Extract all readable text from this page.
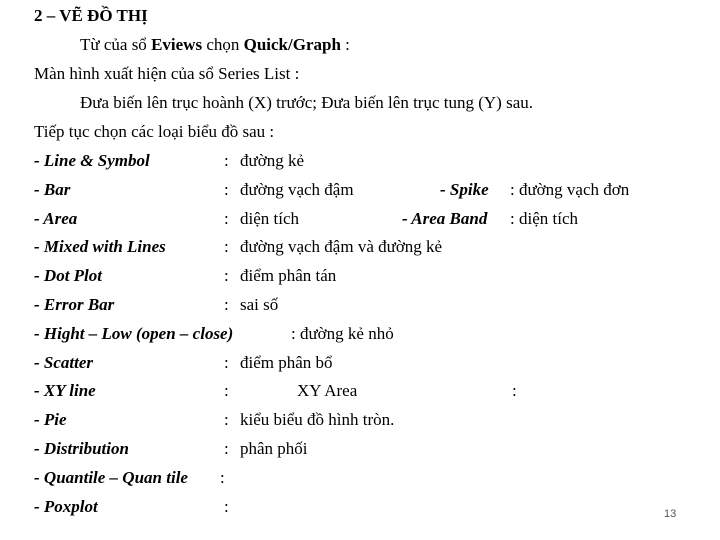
2 – VẼ ĐỒ THỊ
Từ của sổ Eviews chọn Quick/Graph :
Màn hình xuất hiện của sổ Series List :
Đưa biến lên trục hoành (X) trước; Đưa biến lên trục tung (Y) sau.
Tiếp tục chọn các loại biểu đồ sau :
- Line & Symbol	: đường kẻ
- Bar	: đường vạch đậm	- Spike : đường vạch đơn
- Area	: diện tích	- Area Band : diện tích
- Mixed with Lines	: đường vạch đậm và đường kẻ
- Dot Plot	: điểm phân tán
- Error Bar	: sai số
- Hight – Low (open – close)	: đường kẻ nhỏ
- Scatter	: điểm phân bổ
- XY line	:	XY Area	:
- Pie	: kiểu biểu đồ hình tròn.
- Distribution	: phân phối
- Quantile – Quan tile :
- Poxplot	:	13
